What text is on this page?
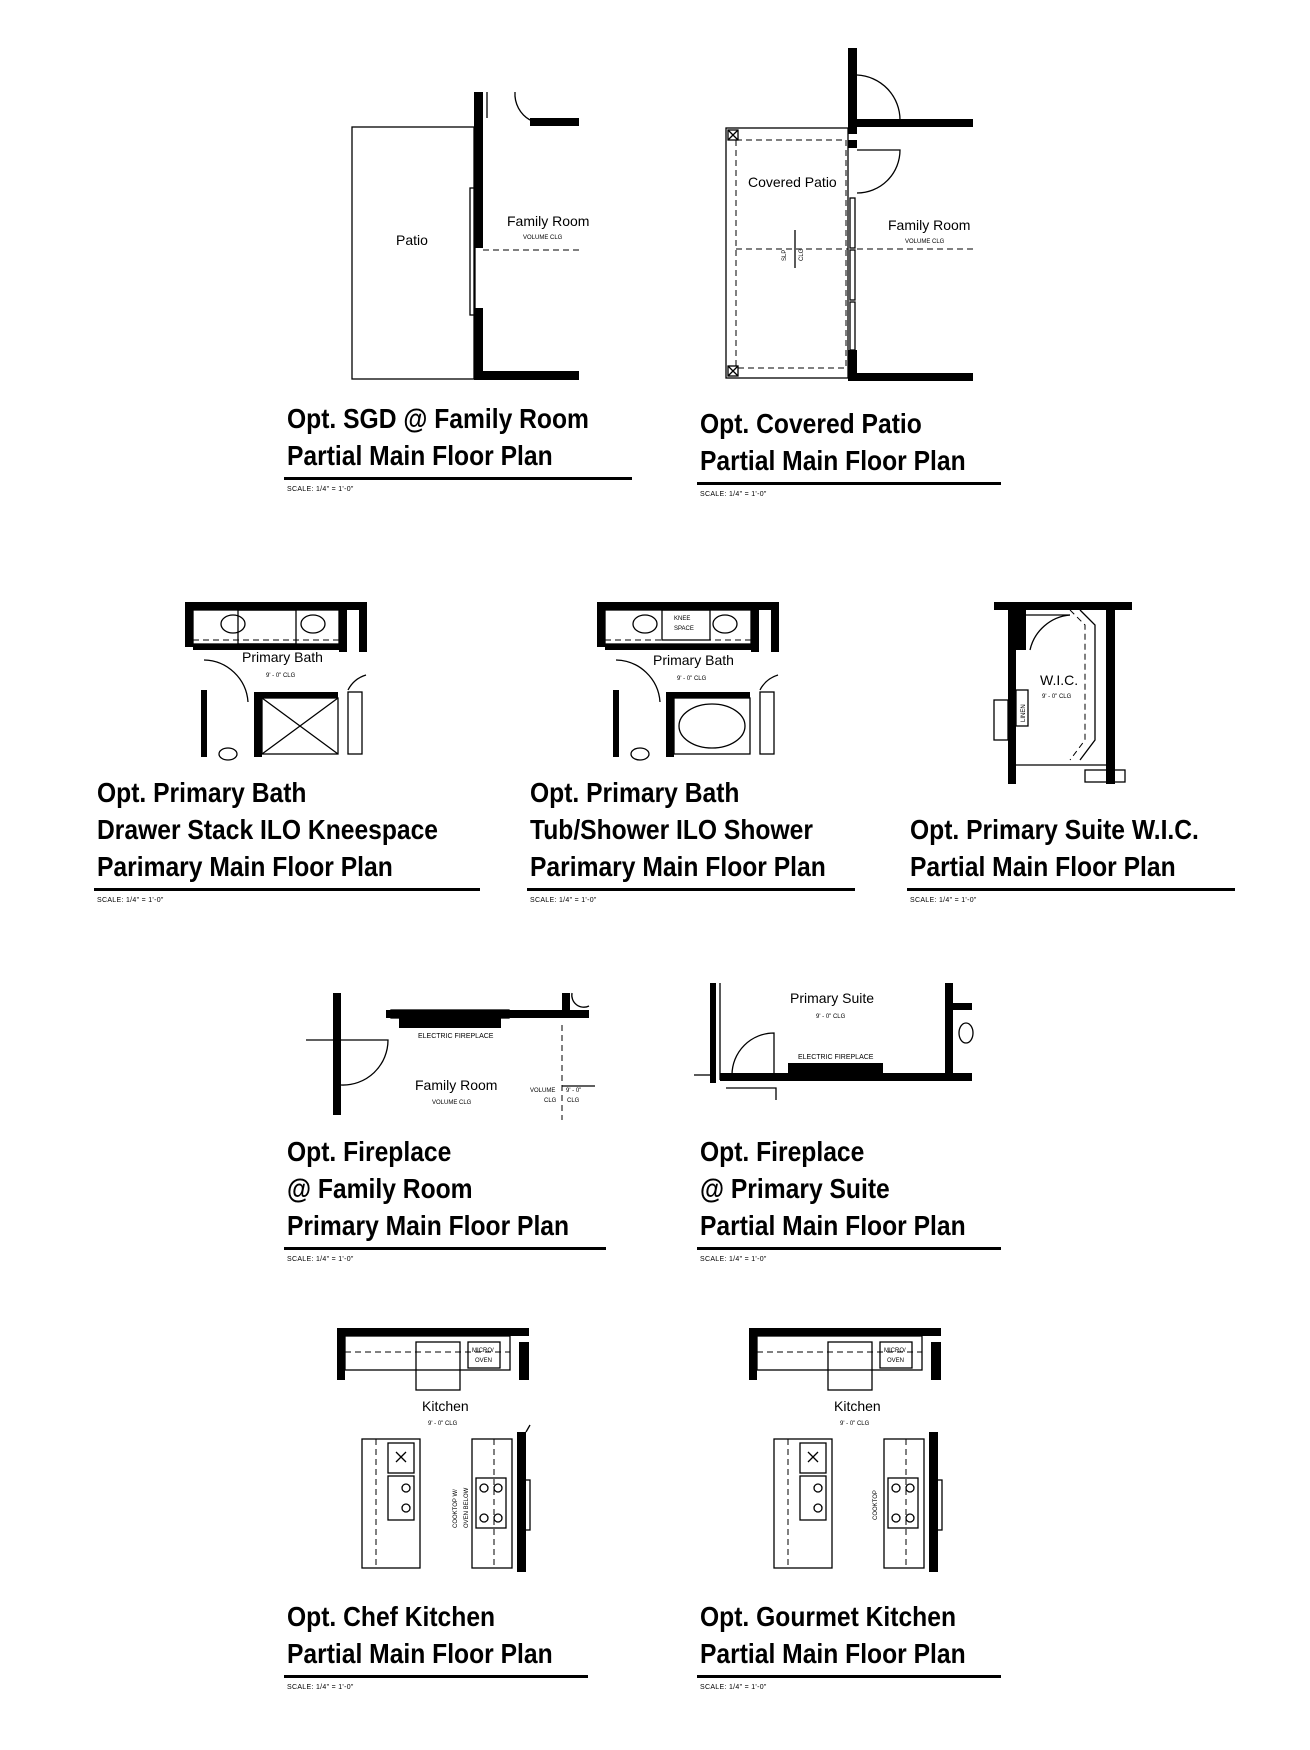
Patio
Family Room
VOLUME CLG
Covered Patio
SLP CLG
Family Room
VOLUME CLG
Primary Bath
9' - 0" CLG
KNEE
SPACE
Primary Bath
9' - 0" CLG
LINEN
W.I.C.
9' - 0" CLG
ELECTRIC FIREPLACE
Family Room
VOLUME CLG
VOLUME 9' - 0"
CLG CLG
Primary Suite
9' - 0" CLG
ELECTRIC FIREPLACE
MICRO/
OVEN
Kitchen
9' - 0" CLG
COOKTOP W/ OVEN BELOW
MICRO/
OVEN
Kitchen
9' - 0" CLG
COOKTOP
Opt. SGD @ Family Room
Partial Main Floor Plan
SCALE: 1/4" = 1'-0"
Opt. Covered Patio
Partial Main Floor Plan
SCALE: 1/4" = 1'-0"
Opt. Primary Bath
Drawer Stack ILO Kneespace
Parimary Main Floor Plan
SCALE: 1/4" = 1'-0"
Opt. Primary Bath
Tub/Shower ILO Shower
Parimary Main Floor Plan
SCALE: 1/4" = 1'-0"
Opt. Primary Suite W.I.C.
Partial Main Floor Plan
SCALE: 1/4" = 1'-0"
Opt. Fireplace
@ Family Room
Primary Main Floor Plan
SCALE: 1/4" = 1'-0"
Opt. Fireplace
@ Primary Suite
Partial Main Floor Plan
SCALE: 1/4" = 1'-0"
Opt. Chef Kitchen
Partial Main Floor Plan
SCALE: 1/4" = 1'-0"
Opt. Gourmet Kitchen
Partial Main Floor Plan
SCALE: 1/4" = 1'-0"
